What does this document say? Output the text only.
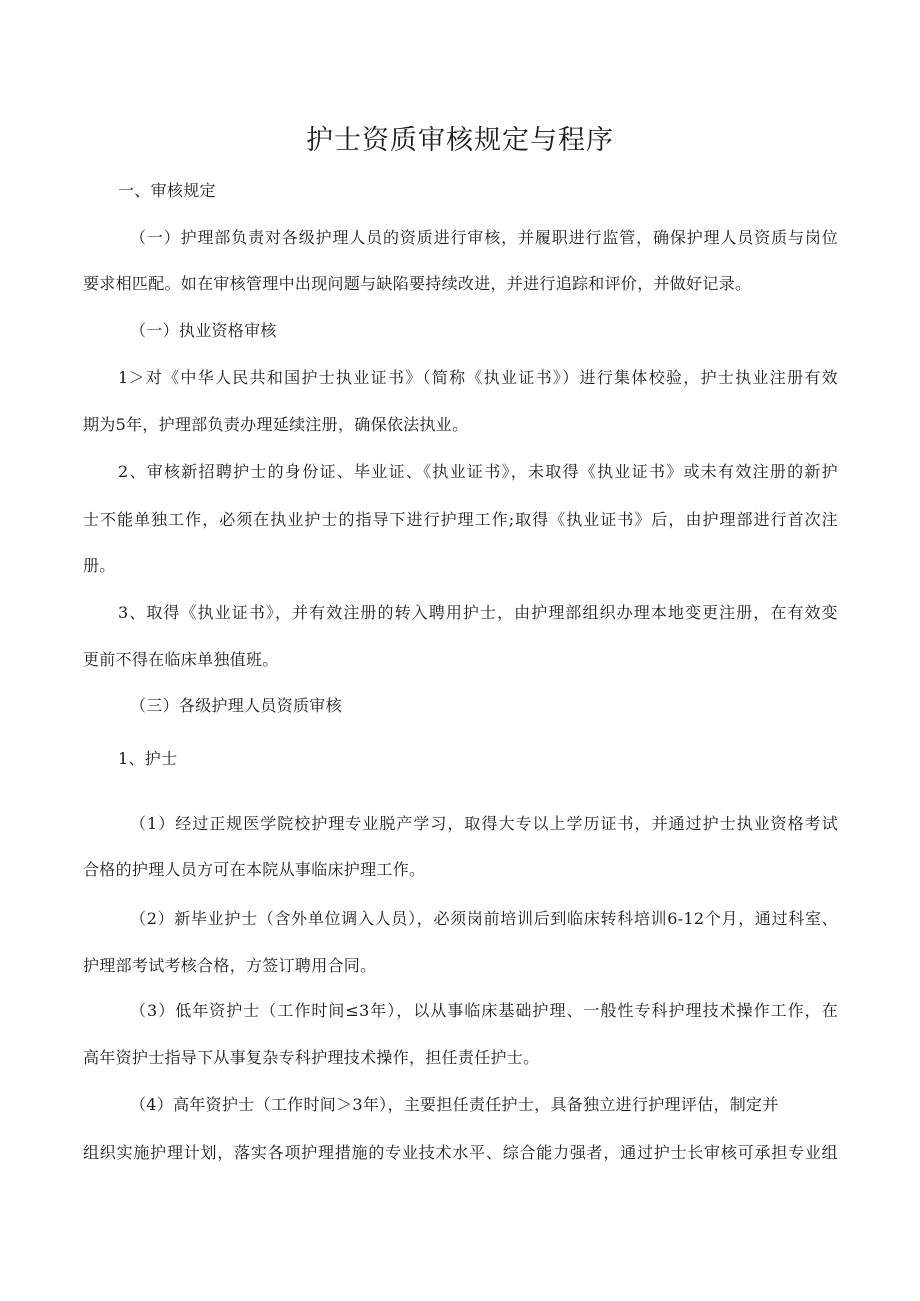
护士资质审核规定与程序
一、审核规定
（一）护理部负责对各级护理人员的资质进行审核，并履职进行监管，确保护理人员资质与岗位
要求相匹配。如在审核管理中出现问题与缺陷要持续改进，并进行追踪和评价，并做好记录。
（一）执业资格审核
1＞对《中华人民共和国护士执业证书》（简称《执业证书》）进行集体校验，护士执业注册有效
期为5年，护理部负责办理延续注册，确保依法执业。
2、审核新招聘护士的身份证、毕业证、《执业证书》，未取得《执业证书》或未有效注册的新护
士不能单独工作，必须在执业护士的指导下进行护理工作;取得《执业证书》后，由护理部进行首次注
册。
3、取得《执业证书》，并有效注册的转入聘用护士，由护理部组织办理本地变更注册，在有效变
更前不得在临床单独值班。
（三）各级护理人员资质审核
1、护士
（1）经过正规医学院校护理专业脱产学习，取得大专以上学历证书，并通过护士执业资格考试
合格的护理人员方可在本院从事临床护理工作。
（2）新毕业护士（含外单位调入人员），必须岗前培训后到临床转科培训6-12个月，通过科室、
护理部考试考核合格，方签订聘用合同。
（3）低年资护士（工作时间≤3年），以从事临床基础护理、一般性专科护理技术操作工作，在
高年资护士指导下从事复杂专科护理技术操作，担任责任护士。
（4）高年资护士（工作时间＞3年），主要担任责任护士，具备独立进行护理评估，制定并
组织实施护理计划，落实各项护理措施的专业技术水平、综合能力强者，通过护士长审核可承担专业组
